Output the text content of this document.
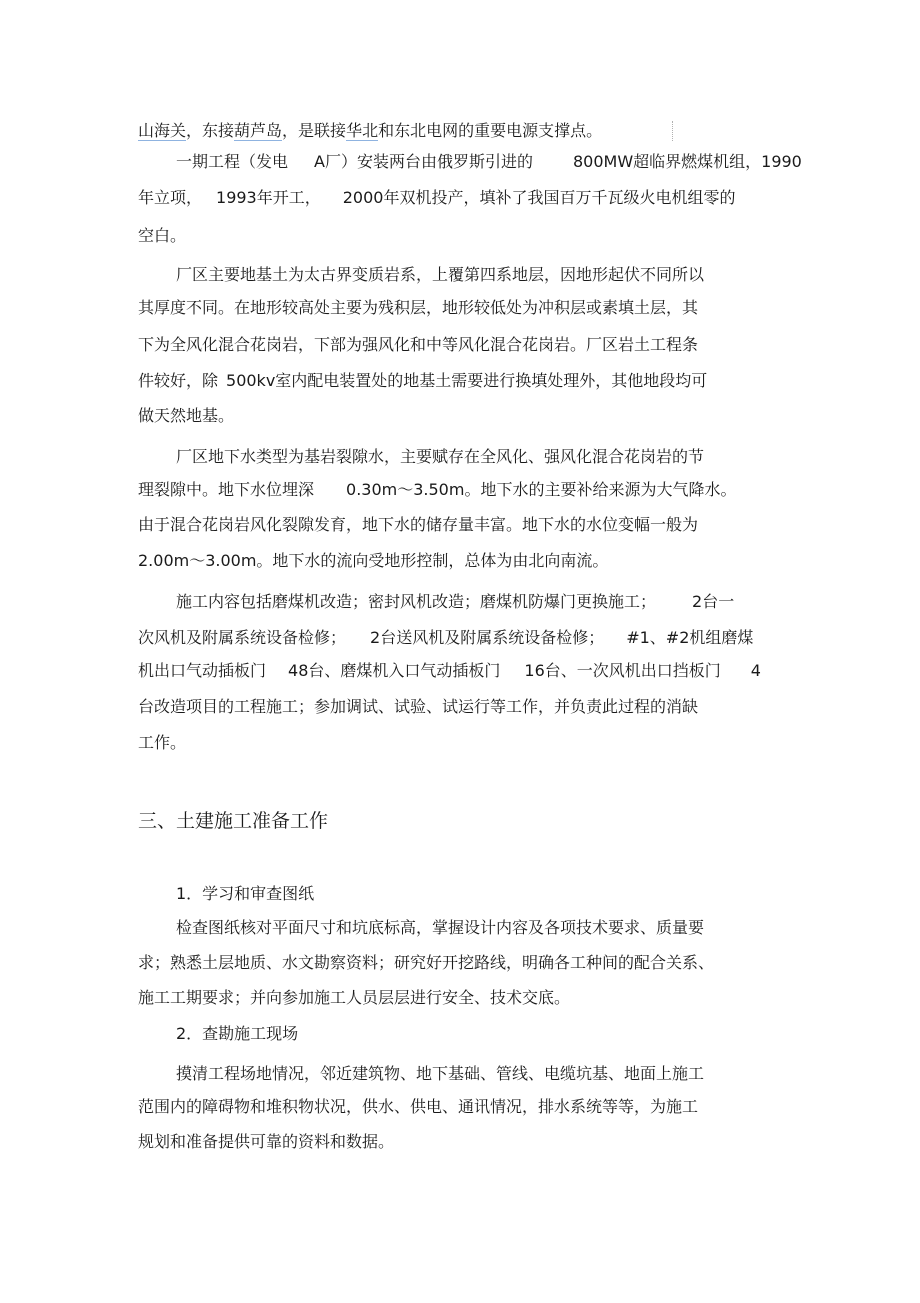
山海关，东接葫芦岛，是联接华北和东北电网的重要电源支撑点。
一期工程（发电 A厂）安装两台由俄罗斯引进的	800MW超临界燃煤机组，1990
年立项， 1993年开工， 2000年双机投产，填补了我国百万千瓦级火电机组零的
空白。
厂区主要地基土为太古界变质岩系，上覆第四系地层，因地形起伏不同所以
其厚度不同。在地形较高处主要为残积层，地形较低处为冲积层或素填土层，其
下为全风化混合花岗岩，下部为强风化和中等风化混合花岗岩。厂区岩土工程条
件较好，除 500kv室内配电装置处的地基土需要进行换填处理外，其他地段均可
做天然地基。
厂区地下水类型为基岩裂隙水，主要赋存在全风化、强风化混合花岗岩的节
理裂隙中。地下水位埋深 0.30m～3.50m。地下水的主要补给来源为大气降水。
由于混合花岗岩风化裂隙发育，地下水的储存量丰富。地下水的水位变幅一般为
2.00m～3.00m。地下水的流向受地形控制，总体为由北向南流。
施工内容包括磨煤机改造；密封风机改造；磨煤机防爆门更换施工； 2台一
次风机及附属系统设备检修； 2台送风机及附属系统设备检修； #1、#2机组磨煤
机出口气动插板门 48台、磨煤机入口气动插板门 16台、一次风机出口挡板门 4
台改造项目的工程施工；参加调试、试验、试运行等工作，并负责此过程的消缺
工作。
三、土建施工准备工作
1．学习和审查图纸
检查图纸核对平面尺寸和坑底标高，掌握设计内容及各项技术要求、质量要
求；熟悉土层地质、水文勘察资料；研究好开挖路线，明确各工种间的配合关系、
施工工期要求；并向参加施工人员层层进行安全、技术交底。
2．查勘施工现场
摸清工程场地情况，邻近建筑物、地下基础、管线、电缆坑基、地面上施工
范围内的障碍物和堆积物状况，供水、供电、通讯情况，排水系统等等，为施工
规划和准备提供可靠的资料和数据。
